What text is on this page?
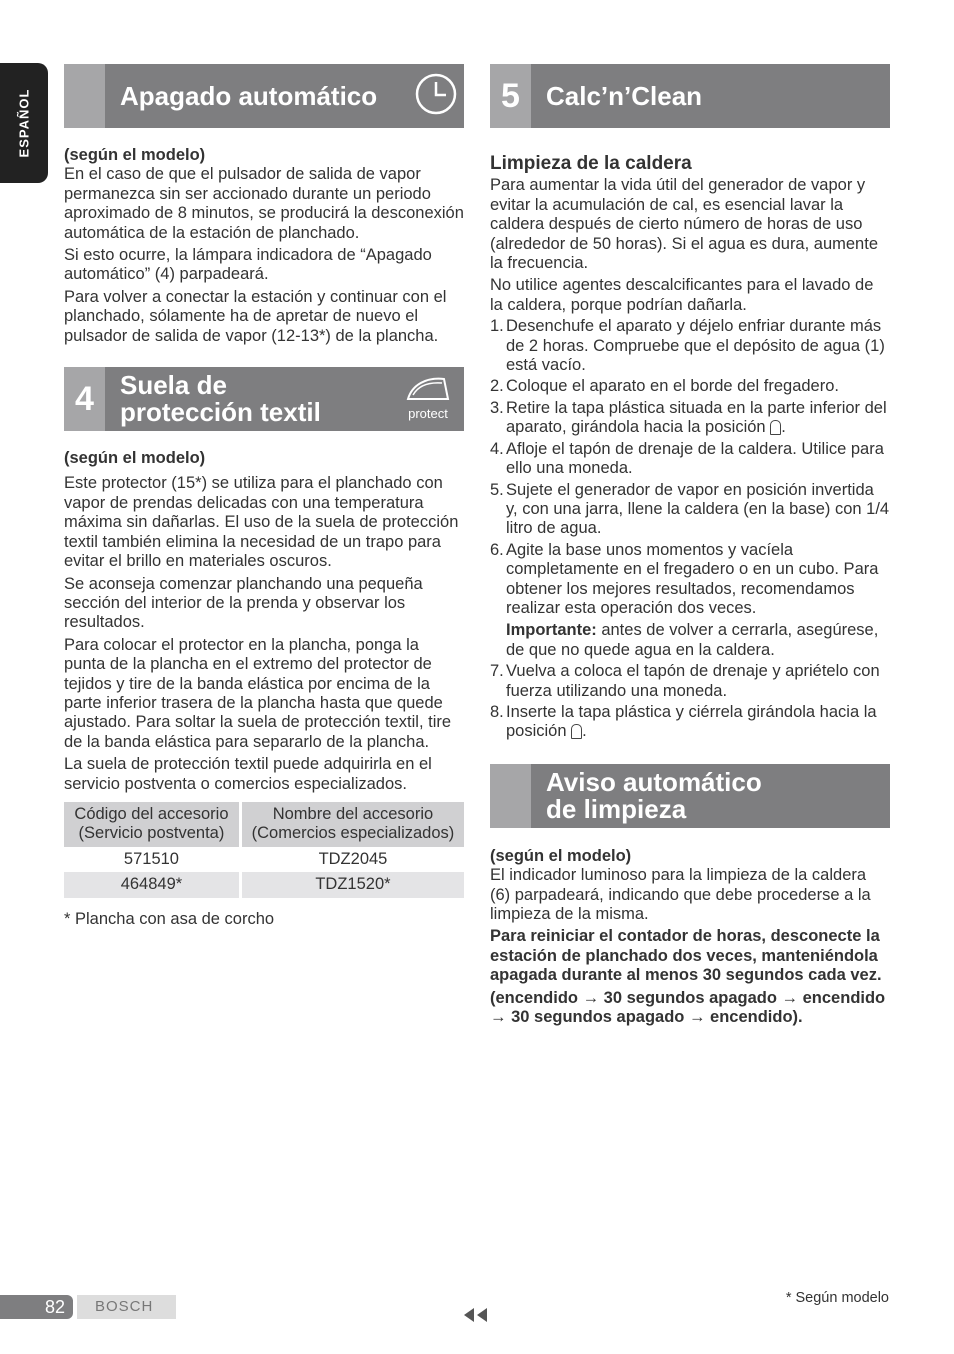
ESPAÑOL	Apagado automático

(según el modelo)

En el caso de que el pulsador de salida de vapor permanezca sin ser accionado durante un periodo aproximado de 8 minutos, se producirá la desconexión automática de la estación de planchado.

Si esto ocurre, la lámpara indicadora de “Apagado automático” (4) parpadeará.

Para volver a conectar la estación y continuar con el planchado, sólamente ha de apretar de nuevo el pulsador de salida de vapor (12-13*) de la plancha.

4	Suela de
protección textil	protect

(según el modelo)

Este protector (15*) se utiliza para el planchado con vapor de prendas delicadas con una temperatura máxima sin dañarlas. El uso de la suela de protección textil también elimina la necesidad de un trapo para evitar el brillo en materiales oscuros.

Se aconseja comenzar planchando una pequeña sección del interior de la prenda y observar los resultados.

Para colocar el protector en la plancha, ponga la punta de la plancha en el extremo del protector de tejidos y tire de la banda elástica por encima de la parte inferior trasera de la plancha hasta que quede ajustado. Para soltar la suela de protección textil, tire de la banda elástica para separarlo de la plancha.

La suela de protección textil puede adquirirla en el servicio postventa o comercios especializados.

Código del accesorio (Servicio postventa)	Nombre del accesorio (Comercios especializados)
571510	TDZ2045
464849*	TDZ1520*

* Plancha con asa de corcho

5	Calc’n’Clean

Limpieza de la caldera

Para aumentar la vida útil del generador de vapor y evitar la acumulación de cal, es esencial lavar la caldera después de cierto número de horas de uso (alrededor de 50 horas). Si el agua es dura, aumente la frecuencia.

No utilice agentes descalcificantes para el lavado de la caldera, porque podrían dañarla.

1. Desenchufe el aparato y déjelo enfriar durante más de 2 horas. Compruebe que el depósito de agua (1) está vacío.
2. Coloque el aparato en el borde del fregadero.
3. Retire la tapa plástica situada en la parte inferior del aparato, girándola hacia la posición .
4. Afloje el tapón de drenaje de la caldera. Utilice para ello una moneda.
5. Sujete el generador de vapor en posición invertida y, con una jarra, llene la caldera (en la base) con 1/4 litro de agua.
6. Agite la base unos momentos y vacíela completamente en el fregadero o en un cubo. Para obtener los mejores resultados, recomendamos realizar esta operación dos veces.
Importante: antes de volver a cerrarla, asegúrese, de que no quede agua en la caldera.
7. Vuelva a coloca el tapón de drenaje y apriételo con fuerza utilizando una moneda.
8. Inserte la tapa plástica y ciérrela girándola hacia la posición .
Aviso automático
de limpieza

(según el modelo)

El indicador luminoso para la limpieza de la caldera (6) parpadeará, indicando que debe procederse a la limpieza de la misma.

Para reiniciar el contador de horas, desconecte la estación de planchado dos veces, manteniéndola apagada durante al menos 30 segundos cada vez.

(encendido → 30 segundos apagado → encendido → 30 segundos apagado → encendido).

82	BOSCH	* Según modelo
